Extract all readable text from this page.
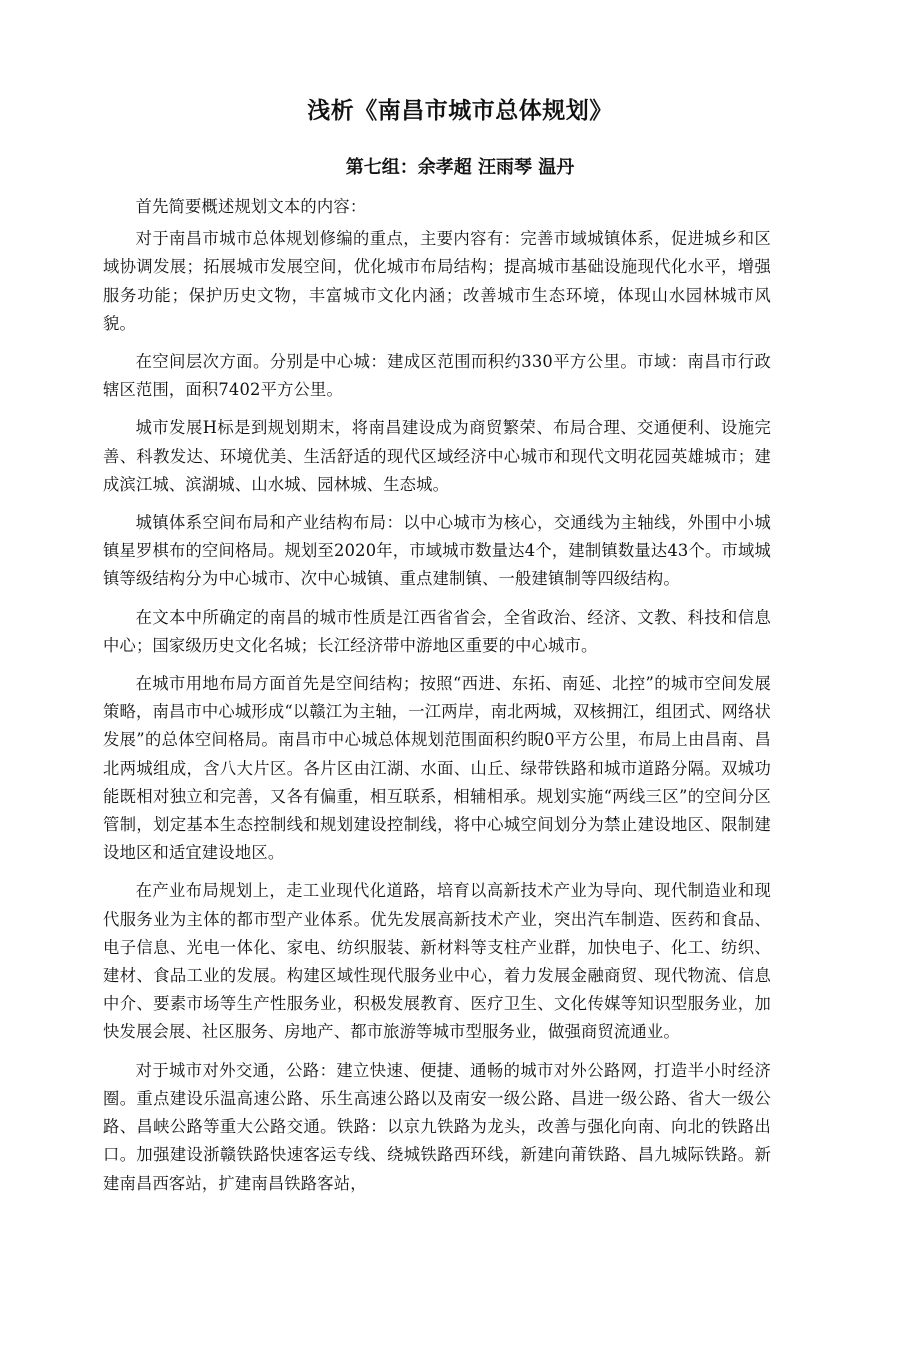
浅析《南昌市城市总体规划》
第七组：余孝超 汪雨琴 温丹

首先简要概述规划文本的内容：

对于南昌市城市总体规划修编的重点，主要内容有：完善市域城镇体系，促进城乡和区域协调发展；拓展城市发展空间，优化城市布局结构；提高城市基础设施现代化水平，增强服务功能；保护历史文物，丰富城市文化内涵；改善城市生态环境，体现山水园林城市风貌。

在空间层次方面。分别是中心城：建成区范围而积约330平方公里。市域：南昌市行政辖区范围，面积7402平方公里。

城市发展H标是到规划期末，将南昌建设成为商贸繁荣、布局合理、交通便利、设施完善、科教发达、环境优美、生活舒适的现代区域经济中心城市和现代文明花园英雄城市；建成滨江城、滨湖城、山水城、园林城、生态城。

城镇体系空间布局和产业结构布局：以中心城市为核心，交通线为主轴线，外围中小城镇星罗棋布的空间格局。规划至2020年，市域城市数量达4个，建制镇数量达43个。市域城镇等级结构分为中心城市、次中心城镇、重点建制镇、一般建镇制等四级结构。

在文本中所确定的南昌的城市性质是江西省省会，全省政治、经济、文教、科技和信息中心；国家级历史文化名城；长江经济带中游地区重要的中心城市。

在城市用地布局方面首先是空间结构；按照“西进、东拓、南延、北控”的城市空间发展策略，南昌市中心城形成“以赣江为主轴，一江两岸，南北两城，双核拥江，组团式、网络状发展”的总体空间格局。南昌市中心城总体规划范围面积约睨0平方公里，布局上由昌南、昌北两城组成，含八大片区。各片区由江湖、水面、山丘、绿带铁路和城市道路分隔。双城功能既相对独立和完善，又各有偏重，相互联系，相辅相承。规划实施“两线三区”的空间分区管制，划定基本生态控制线和规划建设控制线，将中心城空间划分为禁止建设地区、限制建设地区和适宜建设地区。

在产业布局规划上，走工业现代化道路，培育以高新技术产业为导向、现代制造业和现代服务业为主体的都市型产业体系。优先发展高新技术产业，突出汽车制造、医药和食品、电子信息、光电一体化、家电、纺织服装、新材料等支柱产业群，加快电子、化工、纺织、建材、食品工业的发展。构建区域性现代服务业中心，着力发展金融商贸、现代物流、信息中介、要素市场等生产性服务业，积极发展教育、医疗卫生、文化传媒等知识型服务业，加快发展会展、社区服务、房地产、都市旅游等城市型服务业，做强商贸流通业。

对于城市对外交通，公路：建立快速、便捷、通畅的城市对外公路网，打造半小时经济圈。重点建设乐温高速公路、乐生高速公路以及南安一级公路、昌进一级公路、省大一级公路、昌峡公路等重大公路交通。铁路：以京九铁路为龙头，改善与强化向南、向北的铁路出口。加强建设浙赣铁路快速客运专线、绕城铁路西环线，新建向莆铁路、昌九城际铁路。新建南昌西客站，扩建南昌铁路客站，
